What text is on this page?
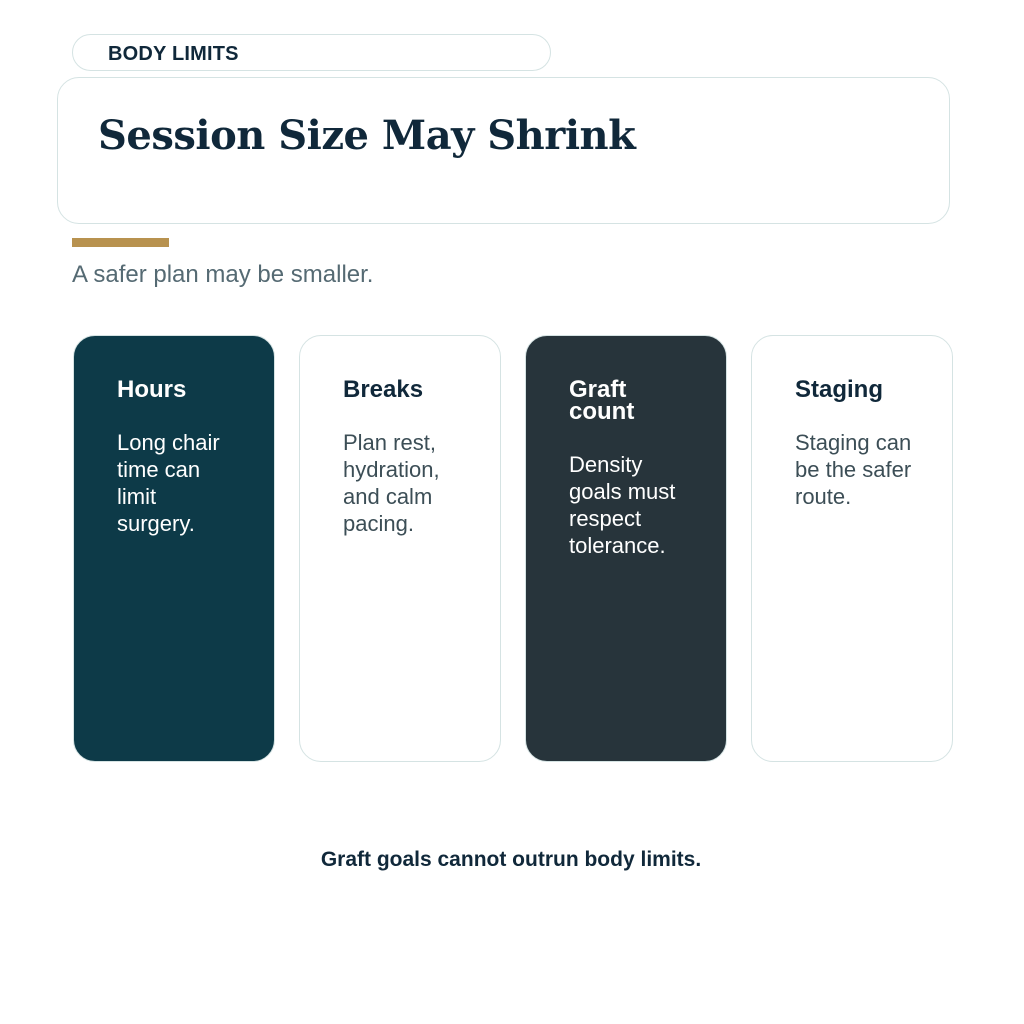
BODY LIMITS
Session Size May Shrink
A safer plan may be smaller.
Hours
Long chair time can limit surgery.
Breaks
Plan rest, hydration, and calm pacing.
Graft count
Density goals must respect tolerance.
Staging
Staging can be the safer route.
Graft goals cannot outrun body limits.
